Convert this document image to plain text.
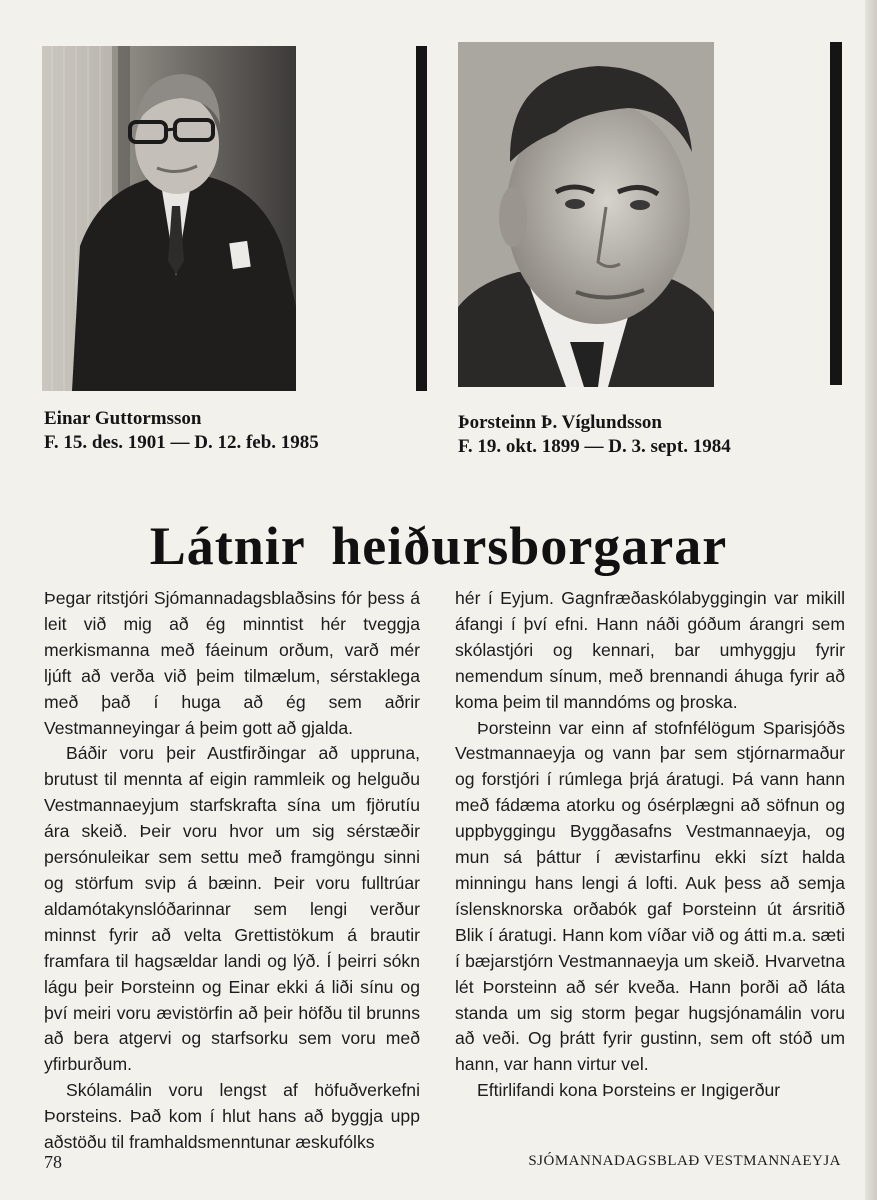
Einar Guttormsson
F. 15. des. 1901 — D. 12. feb. 1985
Þorsteinn Þ. Víglundsson
F. 19. okt. 1899 — D. 3. sept. 1984
Látnir heiðursborgarar

Þegar ritstjóri Sjómannadagsblaðsins fór þess á leit við mig að ég minntist hér tveggja merkismanna með fáeinum orðum, varð mér ljúft að verða við þeim tilmælum, sérstaklega með það í huga að ég sem aðrir Vestmanneyingar á þeim gott að gjalda.

Báðir voru þeir Austfirðingar að uppruna, brutust til mennta af eigin rammleik og helguðu Vestmannaeyjum starfskrafta sína um fjörutíu ára skeið. Þeir voru hvor um sig sérstæðir persónuleikar sem settu með framgöngu sinni og störfum svip á bæinn. Þeir voru fulltrúar aldamótakynslóðarinnar sem lengi verður minnst fyrir að velta Grettistökum á brautir framfara til hagsældar landi og lýð. Í þeirri sókn lágu þeir Þorsteinn og Einar ekki á liði sínu og því meiri voru ævistörfin að þeir höfðu til brunns að bera atgervi og starfsorku sem voru með yfirburðum.

Skólamálin voru lengst af höfuðverkefni Þorsteins. Það kom í hlut hans að byggja upp aðstöðu til framhaldsmenntunar æskufólks

hér í Eyjum. Gagnfræðaskólabyggingin var mikill áfangi í því efni. Hann náði góðum árangri sem skólastjóri og kennari, bar umhyggju fyrir nemendum sínum, með brennandi áhuga fyrir að koma þeim til manndóms og þroska.

Þorsteinn var einn af stofnfélögum Sparisjóðs Vestmannaeyja og vann þar sem stjórnarmaður og forstjóri í rúmlega þrjá áratugi. Þá vann hann með fádæma atorku og ósérplægni að söfnun og uppbyggingu Byggðasafns Vestmannaeyja, og mun sá þáttur í ævistarfinu ekki sízt halda minningu hans lengi á lofti. Auk þess að semja íslensknorska orðabók gaf Þorsteinn út ársritið Blik í áratugi. Hann kom víðar við og átti m.a. sæti í bæjarstjórn Vestmannaeyja um skeið. Hvarvetna lét Þorsteinn að sér kveða. Hann þorði að láta standa um sig storm þegar hugsjónamálin voru að veði. Og þrátt fyrir gustinn, sem oft stóð um hann, var hann virtur vel.

Eftirlifandi kona Þorsteins er Ingigerður

78	SJÓMANNADAGSBLAÐ VESTMANNAEYJA
